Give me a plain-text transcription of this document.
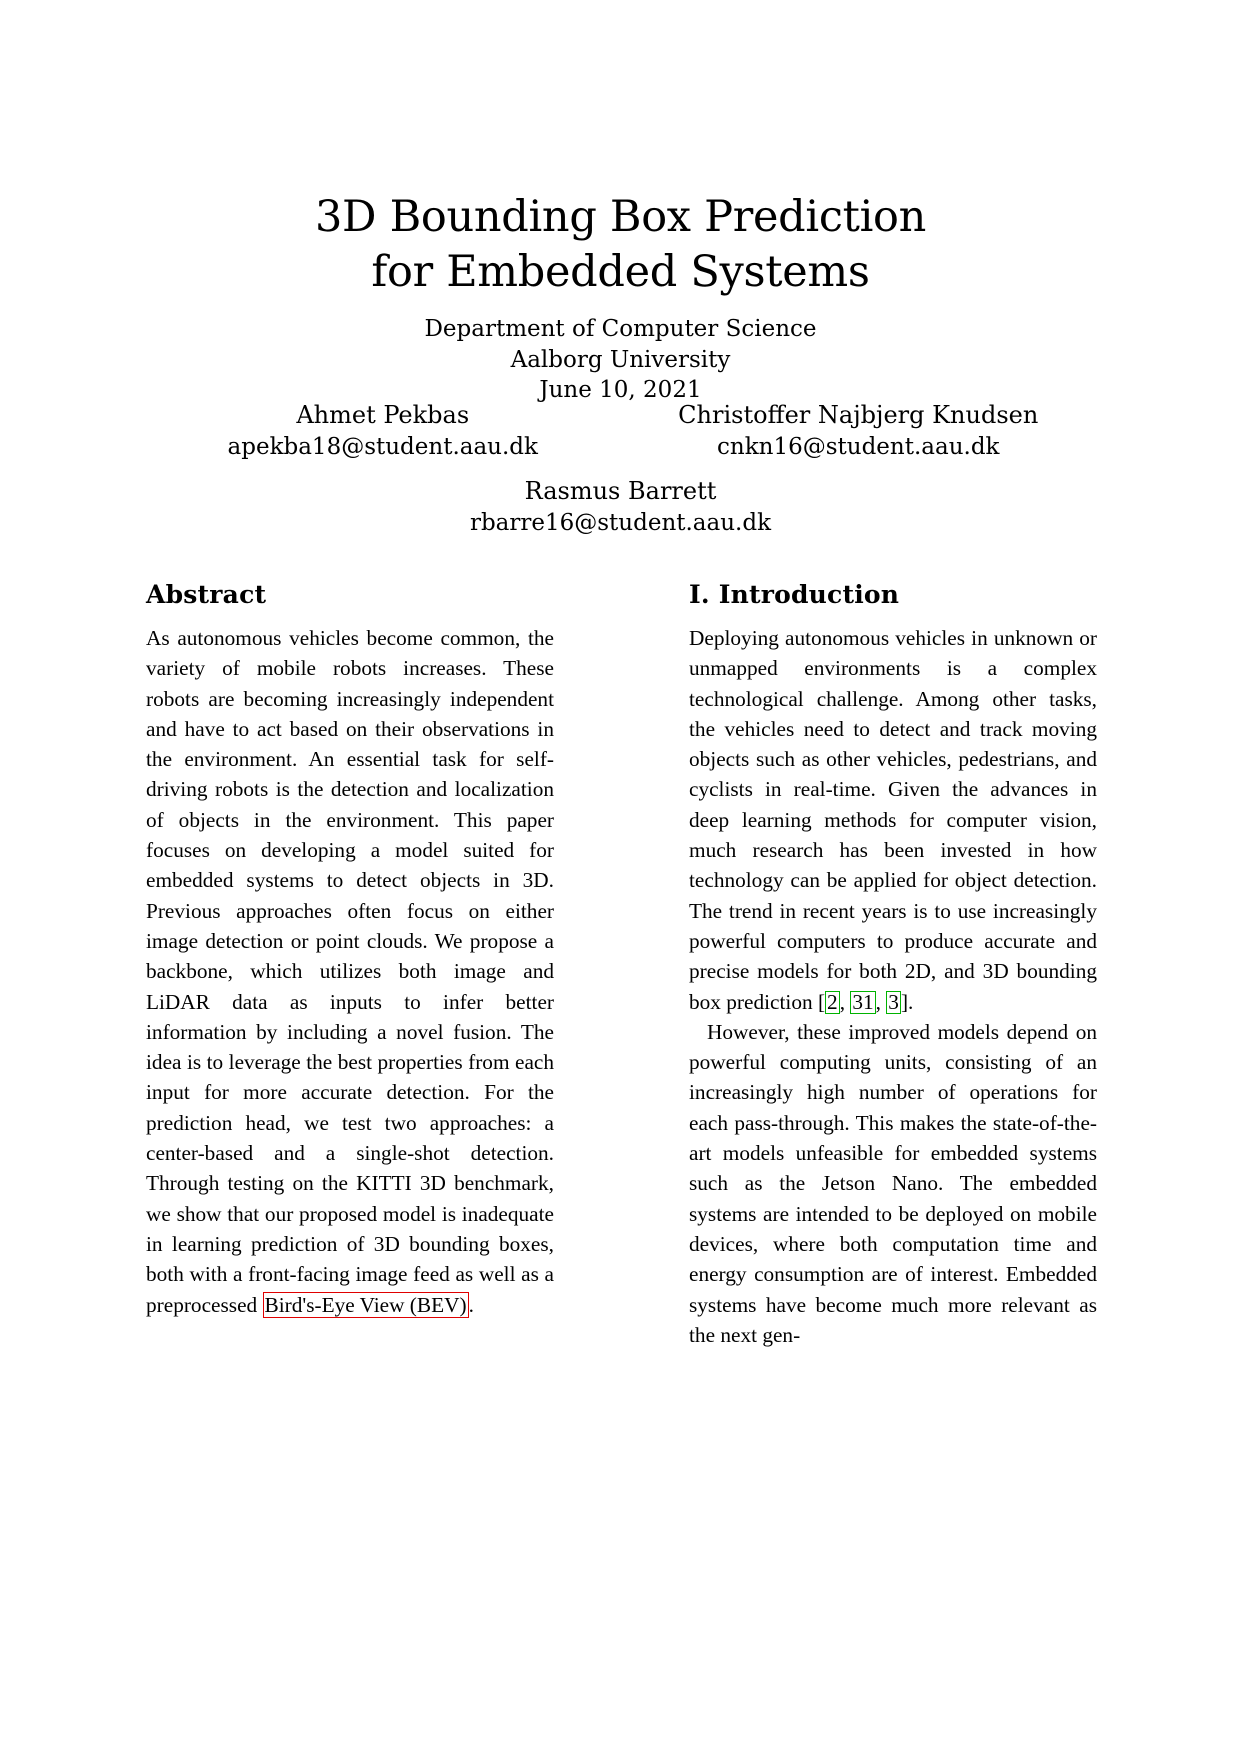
3D Bounding Box Prediction
for Embedded Systems
Department of Computer Science
Aalborg University
June 10, 2021
Ahmet Pekbas
apekba18@student.aau.dk
Christoffer Najbjerg Knudsen
cnkn16@student.aau.dk
Rasmus Barrett
rbarre16@student.aau.dk
Abstract

As autonomous vehicles become common, the variety of mobile robots increases. These robots are becoming increasingly independent and have to act based on their observations in the environment. An essential task for self-driving robots is the detection and localization of objects in the environment. This paper focuses on developing a model suited for embedded systems to detect objects in 3D. Previous approaches often focus on either image detection or point clouds. We propose a backbone, which utilizes both image and LiDAR data as inputs to infer better information by including a novel fusion. The idea is to leverage the best properties from each input for more accurate detection. For the prediction head, we test two approaches: a center-based and a single-shot detection. Through testing on the KITTI 3D benchmark, we show that our proposed model is inadequate in learning prediction of 3D bounding boxes, both with a front-facing image feed as well as a preprocessed Bird's-Eye View (BEV).

I. Introduction

Deploying autonomous vehicles in unknown or unmapped environments is a complex technological challenge. Among other tasks, the vehicles need to detect and track moving objects such as other vehicles, pedestrians, and cyclists in real-time. Given the advances in deep learning methods for computer vision, much research has been invested in how technology can be applied for object detection. The trend in recent years is to use increasingly powerful computers to produce accurate and precise models for both 2D, and 3D bounding box prediction [2, 31, 3].

However, these improved models depend on powerful computing units, consisting of an increasingly high number of operations for each pass-through. This makes the state-of-the-art models unfeasible for embedded systems such as the Jetson Nano. The embedded systems are intended to be deployed on mobile devices, where both computation time and energy consumption are of interest. Embedded systems have become much more relevant as the next gen-
